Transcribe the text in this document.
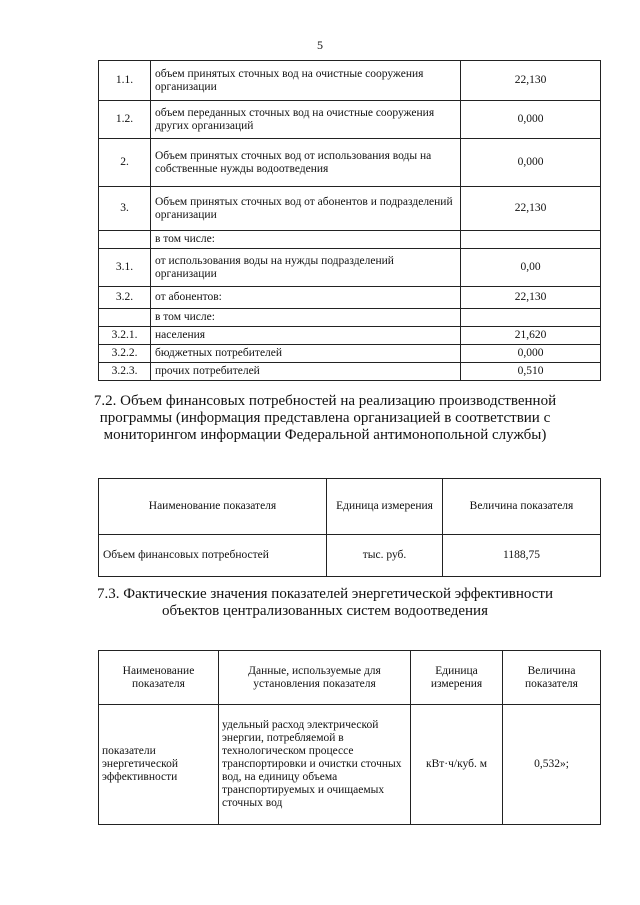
5
1.1.	объем принятых сточных вод на очистные сооружения организации	22,130
1.2.	объем переданных сточных вод на очистные сооружения других организаций	0,000
2.	Объем принятых сточных вод от использования воды на собственные нужды водоотведения	0,000
3.	Объем принятых сточных вод от абонентов и подразделений организации	22,130
	в том числе:	
3.1.	от использования воды на нужды подразделений организации	0,00
3.2.	от абонентов:	22,130
	в том числе:	
3.2.1.	населения	21,620
3.2.2.	бюджетных потребителей	0,000
3.2.3.	прочих потребителей	0,510
7.2. Объем финансовых потребностей на реализацию производственной программы (информация представлена организацией в соответствии с мониторингом информации Федеральной антимонопольной службы)
Наименование показателя	Единица измерения	Величина показателя
Объем финансовых потребностей	тыс. руб.	1188,75
7.3. Фактические значения показателей энергетической эффективности объектов централизованных систем водоотведения
Наименование показателя	Данные, используемые для установления показателя	Единица измерения	Величина показателя
показатели энергетической эффективности	удельный расход электрической энергии, потребляемой в технологическом процессе транспортировки и очистки сточных вод, на единицу объема транспортируемых и очищаемых сточных вод	кВт·ч/куб. м	0,532»;
